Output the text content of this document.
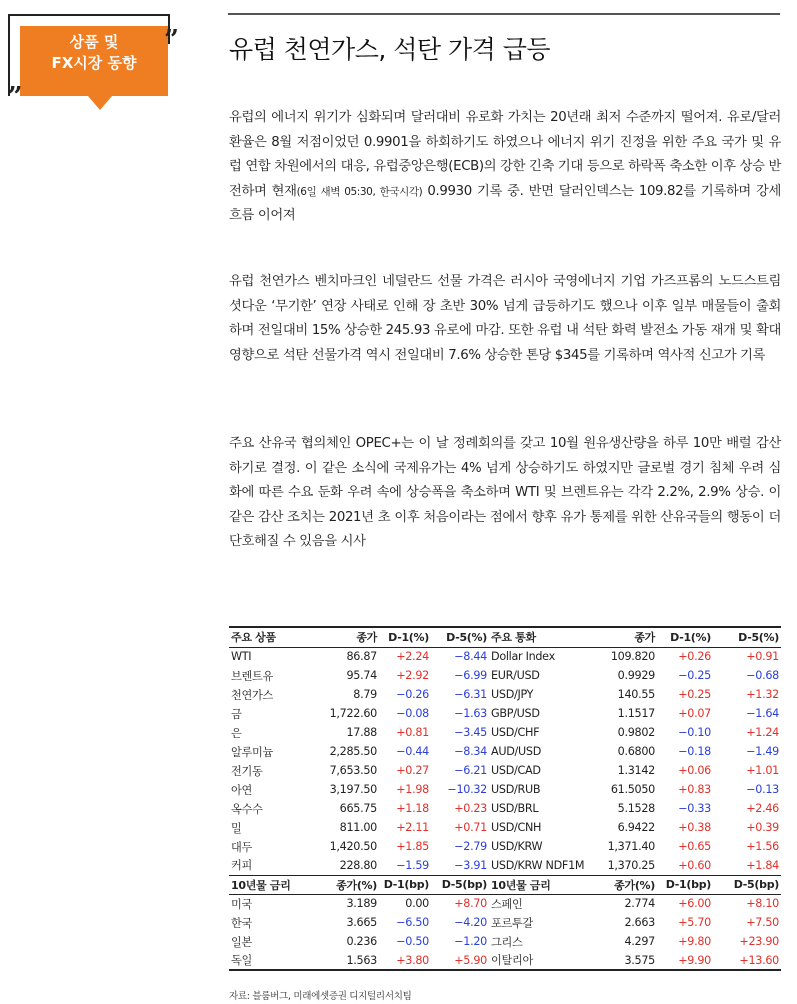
상품 및
FX시장 동향
„
” 유럽 천연가스, 석탄 가격 급등
유럽의 에너지 위기가 심화되며 달러대비 유로화 가치는 20년래 최저 수준까지 떨어져. 유로/달러 환율은 8월 저점이었던 0.9901을 하회하기도 하였으나 에너지 위기 진정을 위한 주요 국가 및 유럽 연합 차원에서의 대응, 유럽중앙은행(ECB)의 강한 긴축 기대 등으로 하락폭 축소한 이후 상승 반전하며 현재(6일 새벽 05:30, 한국시각) 0.9930 기록 중. 반면 달러인덱스는 109.82를 기록하며 강세 흐름 이어져
유럽 천연가스 벤치마크인 네덜란드 선물 가격은 러시아 국영에너지 기업 가즈프롬의 노드스트림 셧다운 ‘무기한’ 연장 사태로 인해 장 초반 30% 넘게 급등하기도 했으나 이후 일부 매물들이 출회하며 전일대비 15% 상승한 245.93 유로에 마감. 또한 유럽 내 석탄 화력 발전소 가동 재개 및 확대 영향으로 석탄 선물가격 역시 전일대비 7.6% 상승한 톤당 $345를 기록하며 역사적 신고가 기록
주요 산유국 협의체인 OPEC+는 이 날 정례회의를 갖고 10월 원유생산량을 하루 10만 배럴 감산하기로 결정. 이 같은 소식에 국제유가는 4% 넘게 상승하기도 하였지만 글로벌 경기 침체 우려 심화에 따른 수요 둔화 우려 속에 상승폭을 축소하며 WTI 및 브렌트유는 각각 2.2%, 2.9% 상승. 이 같은 감산 조치는 2021년 초 이후 처음이라는 점에서 향후 유가 통제를 위한 산유국들의 행동이 더 단호해질 수 있음을 시사
주요 상품	종가	D-1(%)	D-5(%)	주요 통화	종가	D-1(%)	D-5(%)
WTI	86.87	+2.24	−8.44	Dollar Index	109.820	+0.26	+0.91
브렌트유	95.74	+2.92	−6.99	EUR/USD	0.9929	−0.25	−0.68
천연가스	8.79	−0.26	−6.31	USD/JPY	140.55	+0.25	+1.32
금	1,722.60	−0.08	−1.63	GBP/USD	1.1517	+0.07	−1.64
은	17.88	+0.81	−3.45	USD/CHF	0.9802	−0.10	+1.24
알루미늄	2,285.50	−0.44	−8.34	AUD/USD	0.6800	−0.18	−1.49
전기동	7,653.50	+0.27	−6.21	USD/CAD	1.3142	+0.06	+1.01
아연	3,197.50	+1.98	−10.32	USD/RUB	61.5050	+0.83	−0.13
옥수수	665.75	+1.18	+0.23	USD/BRL	5.1528	−0.33	+2.46
밀	811.00	+2.11	+0.71	USD/CNH	6.9422	+0.38	+0.39
대두	1,420.50	+1.85	−2.79	USD/KRW	1,371.40	+0.65	+1.56
커피	228.80	−1.59	−3.91	USD/KRW NDF1M	1,370.25	+0.60	+1.84
10년물 금리	종가(%)	D-1(bp)	D-5(bp)	10년물 금리	종가(%)	D-1(bp)	D-5(bp)
미국	3.189	0.00	+8.70	스페인	2.774	+6.00	+8.10
한국	3.665	−6.50	−4.20	포르투갈	2.663	+5.70	+7.50
일본	0.236	−0.50	−1.20	그리스	4.297	+9.80	+23.90
독일	1.563	+3.80	+5.90	이탈리아	3.575	+9.90	+13.60
자료: 블룸버그, 미래에셋증권 디지털리서치팀
